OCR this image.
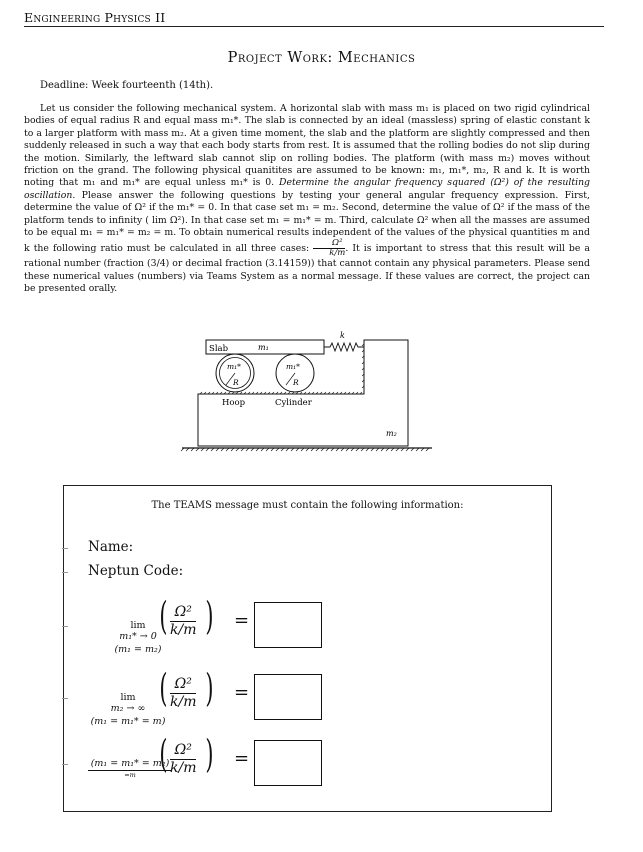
Engineering Physics II
Project Work: Mechanics
Deadline: Week fourteenth (14th).
Let us consider the following mechanical system. A horizontal slab with mass m₁ is placed on two rigid cylindrical bodies of equal radius R and equal mass m₁*. The slab is connected by an ideal (massless) spring of elastic constant k to a larger platform with mass m₂. At a given time moment, the slab and the platform are slightly compressed and then suddenly released in such a way that each body starts from rest. It is assumed that the rolling bodies do not slip during the motion. Similarly, the leftward slab cannot slip on rolling bodies. The platform (with mass m₂) moves without friction on the grand. The following physical quanitites are assumed to be known: m₁, m₁*, m₂, R and k. It is worth noting that m₁ and m₁* are equal unless m₁* is 0. Determine the angular frequency squared (Ω²) of the resulting oscillation. Please answer the following questions by testing your general angular frequency expression. First, determine the value of Ω² if the m₁* = 0. In that case set m₁ = m₂. Second, determine the value of Ω² if the mass of the platform tends to infinity ( lim Ω²). In that case set m₁ = m₁* = m. Third, calculate Ω² when all the masses are assumed to be equal m₁ = m₁* = m₂ = m. To obtain numerical results independent of the values of the physical quantities m and k the following ratio must be calculated in all three cases: $\frac{\text{Ω²}}{k/m}$ . It is important to stress that this result will be a rational number (fraction (3/4) or decimal fraction (3.14159)) that cannot contain any physical parameters. Please send these numerical values (numbers) via Teams System as a normal message. If these values are correct, the project can be presented orally.
m₂
Slab	m₁
k
m₁*
R
Hoop
m₁*
R
Cylinder
The TEAMS message must contain the following information:
Name:
Neptun Code:
lim
m₁* → 0
(m₁ = m₂)
( $\frac{\text{Ω²}}{k/m}$ ) =
lim
m₂ → ∞
(m₁ = m₁* = m)
( $\frac{\text{Ω²}}{k/m}$ ) =
(m₁ = m₁* = m₂)
=m ( $\frac{\text{Ω²}}{k/m}$ ) =
